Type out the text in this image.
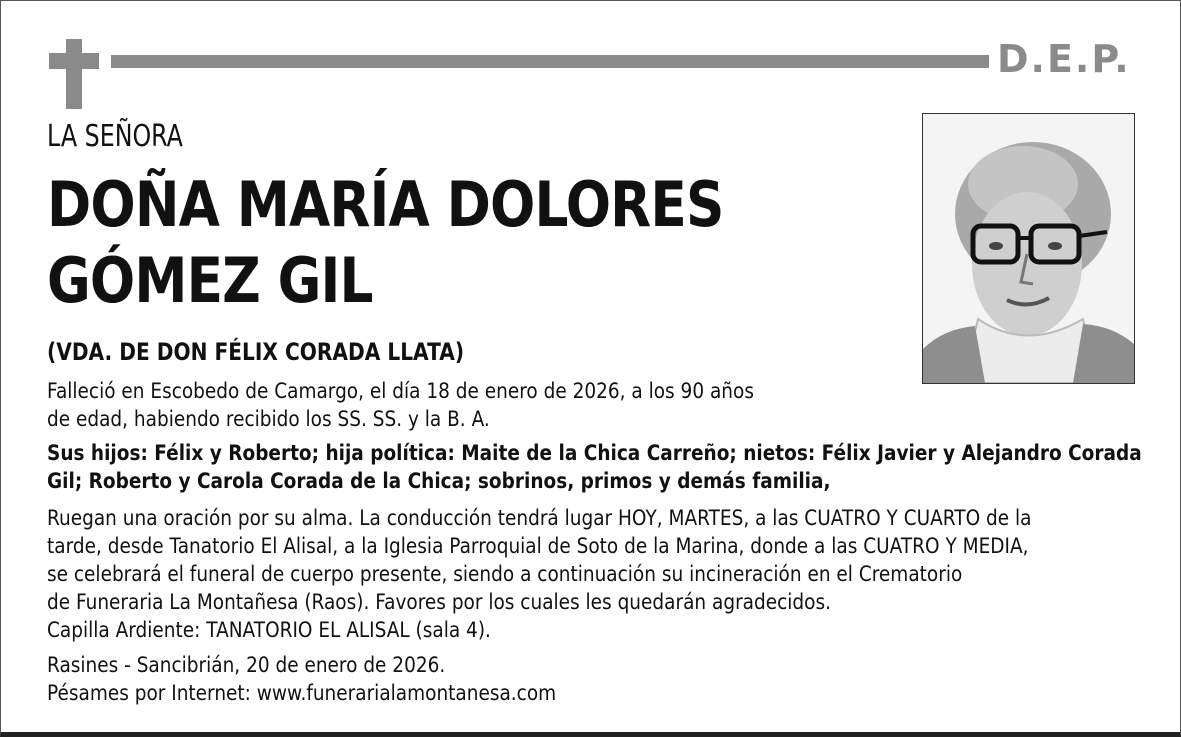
D.E.P.
LA SEÑORA
DOÑA MARÍA DOLORES
GÓMEZ GIL
(VDA. DE DON FÉLIX CORADA LLATA)
Falleció en Escobedo de Camargo, el día 18 de enero de 2026, a los 90 años
de edad, habiendo recibido los SS. SS. y la B. A.
Sus hijos: Félix y Roberto; hija política: Maite de la Chica Carreño; nietos: Félix Javier y Alejandro Corada
Gil; Roberto y Carola Corada de la Chica; sobrinos, primos y demás familia,
Ruegan una oración por su alma. La conducción tendrá lugar HOY, MARTES, a las CUATRO Y CUARTO de la
tarde, desde Tanatorio El Alisal, a la Iglesia Parroquial de Soto de la Marina, donde a las CUATRO Y MEDIA,
se celebrará el funeral de cuerpo presente, siendo a continuación su incineración en el Crematorio
de Funeraria La Montañesa (Raos). Favores por los cuales les quedarán agradecidos.
Capilla Ardiente: TANATORIO EL ALISAL (sala 4).
Rasines - Sancibrián, 20 de enero de 2026.
Pésames por Internet: www.funerarialamontanesa.com
